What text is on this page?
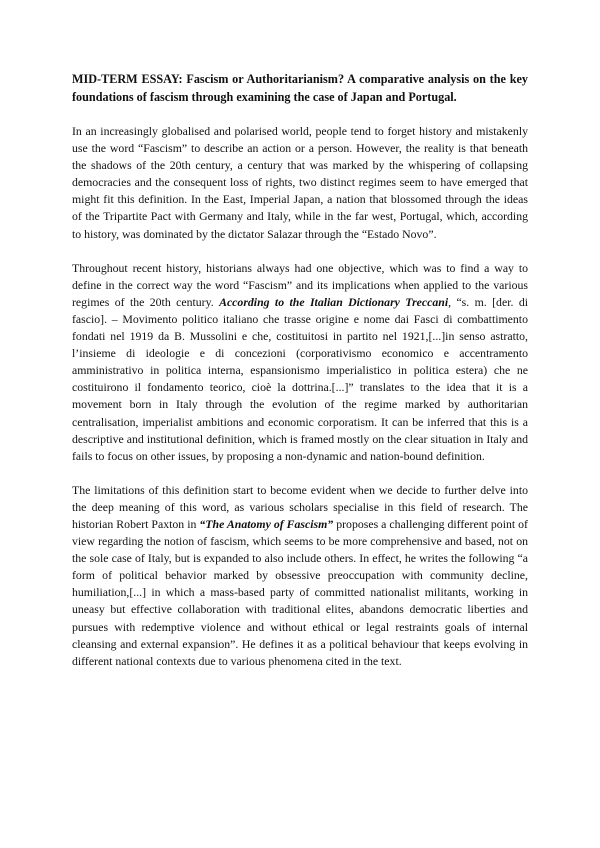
MID-TERM ESSAY: Fascism or Authoritarianism? A comparative analysis on the key foundations of fascism through examining the case of Japan and Portugal.

In an increasingly globalised and polarised world, people tend to forget history and mistakenly use the word “Fascism” to describe an action or a person. However, the reality is that beneath the shadows of the 20th century, a century that was marked by the whispering of collapsing democracies and the consequent loss of rights, two distinct regimes seem to have emerged that might fit this definition. In the East, Imperial Japan, a nation that blossomed through the ideas of the Tripartite Pact with Germany and Italy, while in the far west, Portugal, which, according to history, was dominated by the dictator Salazar through the “Estado Novo”.

Throughout recent history, historians always had one objective, which was to find a way to define in the correct way the word “Fascism” and its implications when applied to the various regimes of the 20th century. According to the Italian Dictionary Treccani, “s. m. [der. di fascio]. – Movimento politico italiano che trasse origine e nome dai Fasci di combattimento fondati nel 1919 da B. Mussolini e che, costituitosi in partito nel 1921,[...]in senso astratto, l’insieme di ideologie e di concezioni (corporativismo economico e accentramento amministrativo in politica interna, espansionismo imperialistico in politica estera) che ne costituirono il fondamento teorico, cioè la dottrina.[...]” translates to the idea that it is a movement born in Italy through the evolution of the regime marked by authoritarian centralisation, imperialist ambitions and economic corporatism. It can be inferred that this is a descriptive and institutional definition, which is framed mostly on the clear situation in Italy and fails to focus on other issues, by proposing a non-dynamic and nation-bound definition.

The limitations of this definition start to become evident when we decide to further delve into the deep meaning of this word, as various scholars specialise in this field of research. The historian Robert Paxton in “The Anatomy of Fascism” proposes a challenging different point of view regarding the notion of fascism, which seems to be more comprehensive and based, not on the sole case of Italy, but is expanded to also include others. In effect, he writes the following “a form of political behavior marked by obsessive preoccupation with community decline, humiliation,[...] in which a mass-based party of committed nationalist militants, working in uneasy but effective collaboration with traditional elites, abandons democratic liberties and pursues with redemptive violence and without ethical or legal restraints goals of internal cleansing and external expansion”. He defines it as a political behaviour that keeps evolving in different national contexts due to various phenomena cited in the text.
